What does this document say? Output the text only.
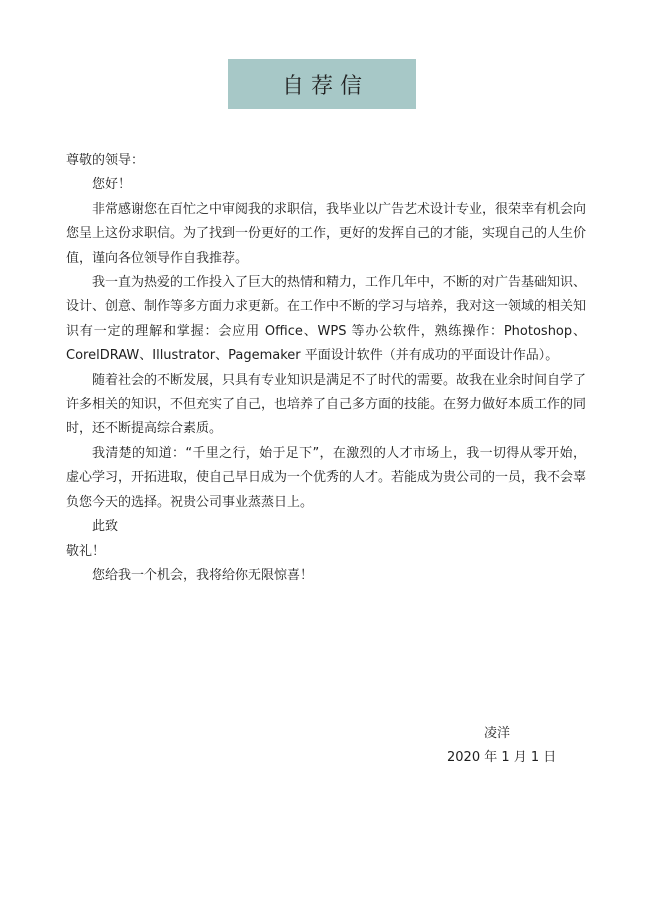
自荐信

尊敬的领导：

您好！

非常感谢您在百忙之中审阅我的求职信，我毕业以广告艺术设计专业，很荣幸有机会向您呈上这份求职信。为了找到一份更好的工作，更好的发挥自己的才能，实现自己的人生价值，谨向各位领导作自我推荐。

我一直为热爱的工作投入了巨大的热情和精力，工作几年中，不断的对广告基础知识、设计、创意、制作等多方面力求更新。在工作中不断的学习与培养，我对这一领域的相关知识有一定的理解和掌握：会应用 Office、WPS 等办公软件，熟练操作：Photoshop、CorelDRAW、Illustrator、Pagemaker 平面设计软件（并有成功的平面设计作品）。

随着社会的不断发展，只具有专业知识是满足不了时代的需要。故我在业余时间自学了许多相关的知识，不但充实了自己，也培养了自己多方面的技能。在努力做好本质工作的同时，还不断提高综合素质。

我清楚的知道：“千里之行，始于足下”，在激烈的人才市场上，我一切得从零开始，虚心学习，开拓进取，使自己早日成为一个优秀的人才。若能成为贵公司的一员，我不会辜负您今天的选择。祝贵公司事业蒸蒸日上。

此致

敬礼！

您给我一个机会，我将给你无限惊喜！

凌洋
2020 年 1 月 1 日
